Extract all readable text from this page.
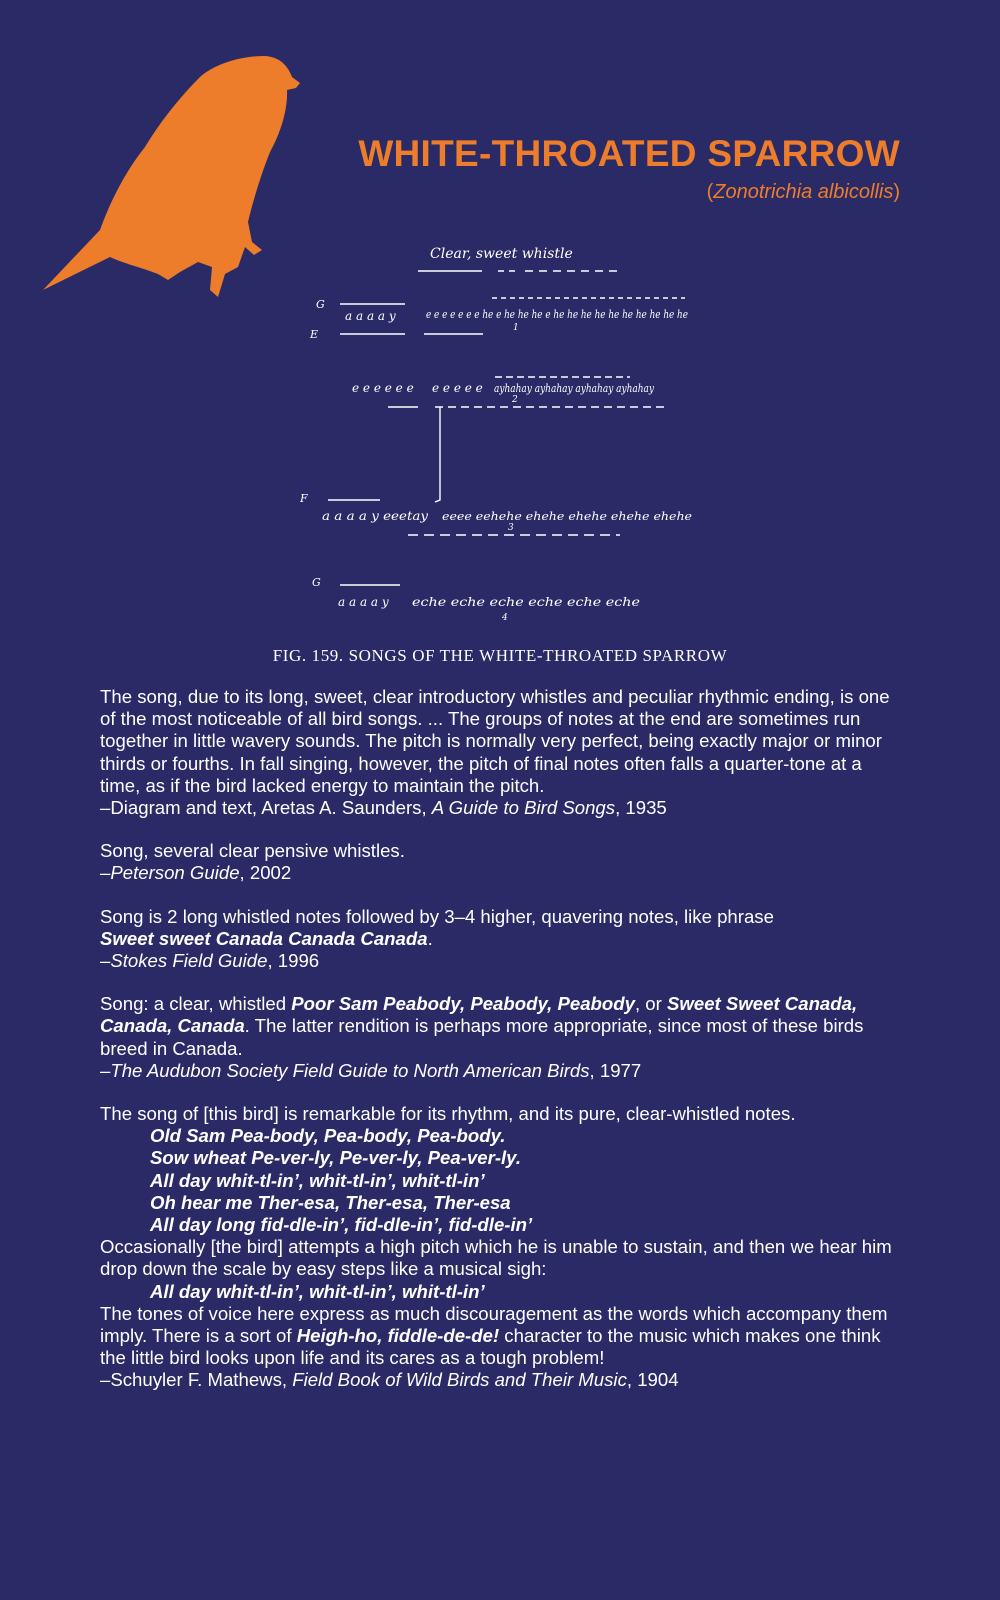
WHITE-THROATED SPARROW
(Zonotrichia albicollis)
Clear, sweet whistle
G
E
a a a a y	e e e e e e e he e he he he e he he he he he he he he he he
1
e e e e e e e e e e e ayhahay ayhahay ayhahay ayhahay
2
F
a a a a y eeetay eeee eehehe ehehe ehehe ehehe ehehe
3
G
a a a a y eche eche eche eche eche eche
4
FIG. 159. SONGS OF THE WHITE-THROATED SPARROW

The song, due to its long, sweet, clear introductory whistles and peculiar rhythmic ending, is one of the most noticeable of all bird songs. ... The groups of notes at the end are sometimes run together in little wavery sounds. The pitch is normally very perfect, being exactly major or minor thirds or fourths. In fall singing, however, the pitch of final notes often falls a quarter-tone at a time, as if the bird lacked energy to maintain the pitch.

–Diagram and text, Aretas A. Saunders, A Guide to Bird Songs, 1935

Song, several clear pensive whistles.

–Peterson Guide, 2002

Song is 2 long whistled notes followed by 3–4 higher, quavering notes, like phrase
Sweet sweet Canada Canada Canada.

–Stokes Field Guide, 1996

Song: a clear, whistled Poor Sam Peabody, Peabody, Peabody, or Sweet Sweet Canada, Canada, Canada. The latter rendition is perhaps more appropriate, since most of these birds breed in Canada.

–The Audubon Society Field Guide to North American Birds, 1977

The song of [this bird] is remarkable for its rhythm, and its pure, clear-whistled notes.

Old Sam Pea-body, Pea-body, Pea-body.

Sow wheat Pe-ver-ly, Pe-ver-ly, Pea-ver-ly.

All day whit-tl-in’, whit-tl-in’, whit-tl-in’

Oh hear me Ther-esa, Ther-esa, Ther-esa

All day long fid-dle-in’, fid-dle-in’, fid-dle-in’

Occasionally [the bird] attempts a high pitch which he is unable to sustain, and then we hear him drop down the scale by easy steps like a musical sigh:

All day whit-tl-in’, whit-tl-in’, whit-tl-in’

The tones of voice here express as much discouragement as the words which accompany them imply. There is a sort of Heigh-ho, fiddle-de-de! character to the music which makes one think the little bird looks upon life and its cares as a tough problem!

–Schuyler F. Mathews, Field Book of Wild Birds and Their Music, 1904
